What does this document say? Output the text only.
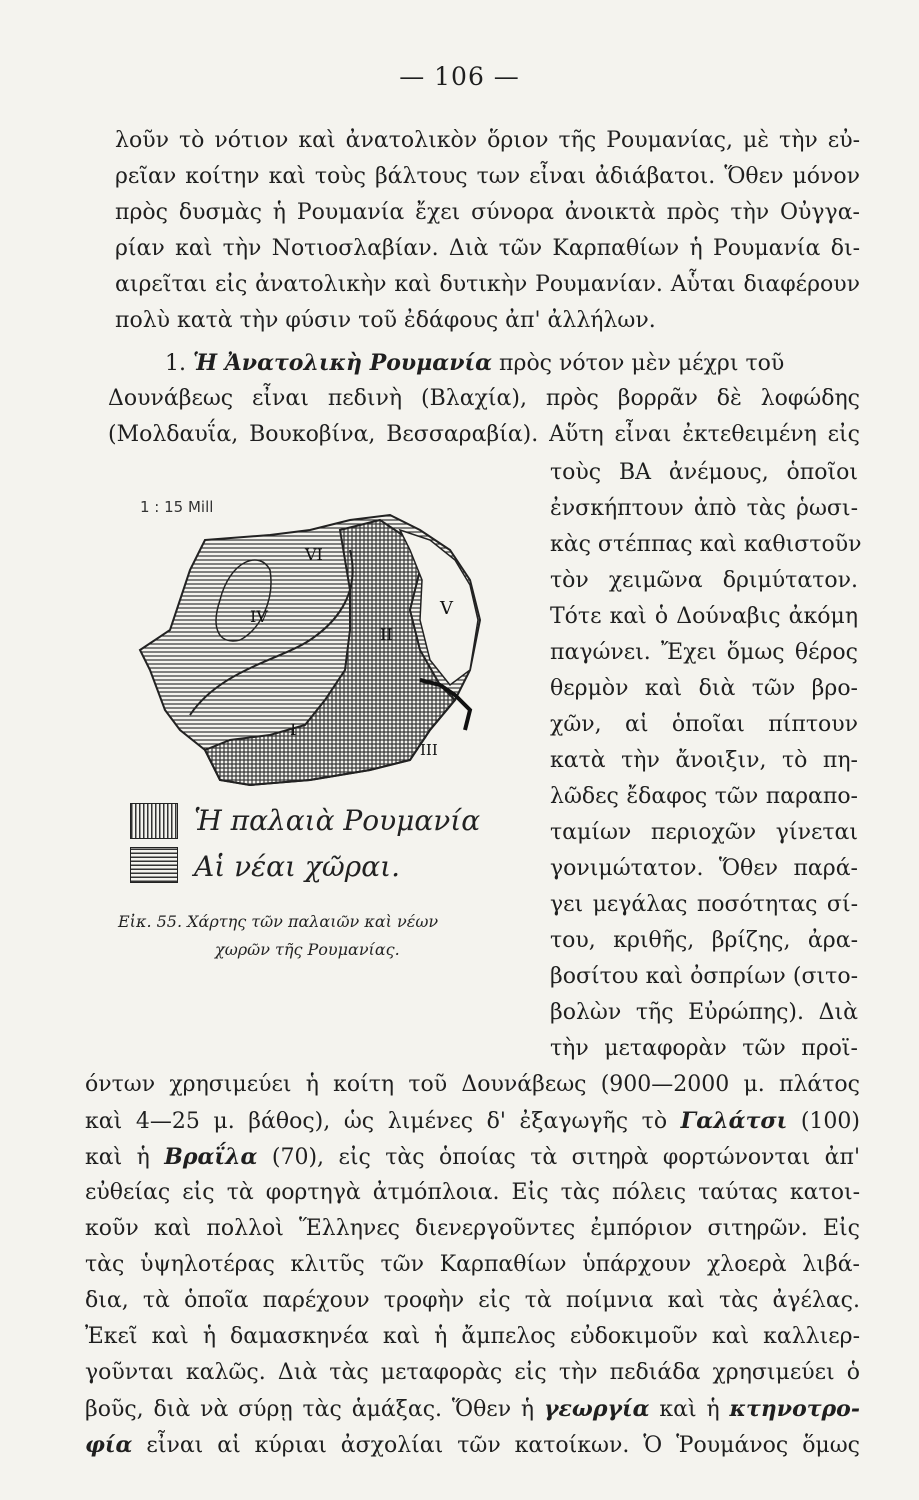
— 106 —
λοῦν τὸ νότιον καὶ ἀνατολικὸν ὅριον τῆς Ρουμανίας, μὲ τὴν εὐ-
ρεῖαν κοίτην καὶ τοὺς βάλτους των εἶναι ἀδιάβατοι. Ὅθεν μόνον
πρὸς δυσμὰς ἡ Ρουμανία ἔχει σύνορα ἀνοικτὰ πρὸς τὴν Οὐγγα-
ρίαν καὶ τὴν Νοτιοσλαβίαν. Διὰ τῶν Καρπαθίων ἡ Ρουμανία δι-
αιρεῖται εἰς ἀνατολικὴν καὶ δυτικὴν Ρουμανίαν. Αὗται διαφέρουν
πολὺ κατὰ τὴν φύσιν τοῦ ἐδάφους ἀπ' ἀλλήλων.
1. Ἡ Ἀνατολικὴ Ρουμανία πρὸς νότον μὲν μέχρι τοῦ
Δουνάβεως εἶναι πεδινὴ (Βλαχία), πρὸς βορρᾶν δὲ λοφώδης
(Μολδαυΐα, Βουκοβίνα, Βεσσαραβία). Αὕτη εἶναι ἐκτεθειμένη εἰς
τοὺς ΒΑ ἀνέμους, ὁποῖοι
ἐνσκήπτουν ἀπὸ τὰς ῥωσι-
κὰς στέππας καὶ καθιστοῦν
τὸν χειμῶνα δριμύτατον.
Τότε καὶ ὁ Δούναβις ἀκόμη
παγώνει. Ἔχει ὅμως θέρος
θερμὸν καὶ διὰ τῶν βρο-
χῶν, αἱ ὁποῖαι πίπτουν
κατὰ τὴν ἄνοιξιν, τὸ πη-
λῶδες ἔδαφος τῶν παραπο-
ταμίων περιοχῶν γίνεται
γονιμώτατον. Ὅθεν παρά-
γει μεγάλας ποσότητας σί-
του, κριθῆς, βρίζης, ἀρα-
βοσίτου καὶ ὀσπρίων (σιτο-
βολὼν τῆς Εὐρώπης). Διὰ
τὴν μεταφορὰν τῶν προϊ-
1 : 15 Mill
VI
IV
II
V
I
III
Ἡ παλαιὰ Ρουμανία
Αἱ νέαι χῶραι.
Εἰκ. 55. Χάρτης τῶν παλαιῶν καὶ νέων
χωρῶν τῆς Ρουμανίας.
όντων χρησιμεύει ἡ κοίτη τοῦ Δουνάβεως (900—2000 μ. πλάτος
καὶ 4—25 μ. βάθος), ὡς λιμένες δ' ἐξαγωγῆς τὸ Γαλάτσι (100)
καὶ ἡ Βραΐλα (70), εἰς τὰς ὁποίας τὰ σιτηρὰ φορτώνονται ἀπ'
εὐθείας εἰς τὰ φορτηγὰ ἀτμόπλοια. Εἰς τὰς πόλεις ταύτας κατοι-
κοῦν καὶ πολλοὶ Ἕλληνες διενεργοῦντες ἐμπόριον σιτηρῶν. Εἰς
τὰς ὑψηλοτέρας κλιτῦς τῶν Καρπαθίων ὑπάρχουν χλοερὰ λιβά-
δια, τὰ ὁποῖα παρέχουν τροφὴν εἰς τὰ ποίμνια καὶ τὰς ἀγέλας.
Ἐκεῖ καὶ ἡ δαμασκηνέα καὶ ἡ ἄμπελος εὐδοκιμοῦν καὶ καλλιερ-
γοῦνται καλῶς. Διὰ τὰς μεταφορὰς εἰς τὴν πεδιάδα χρησιμεύει ὁ
βοῦς, διὰ νὰ σύρῃ τὰς ἁμάξας. Ὅθεν ἡ γεωργία καὶ ἡ κτηνοτρο-
φία εἶναι αἱ κύριαι ἀσχολίαι τῶν κατοίκων. Ὁ Ῥουμάνος ὅμως
